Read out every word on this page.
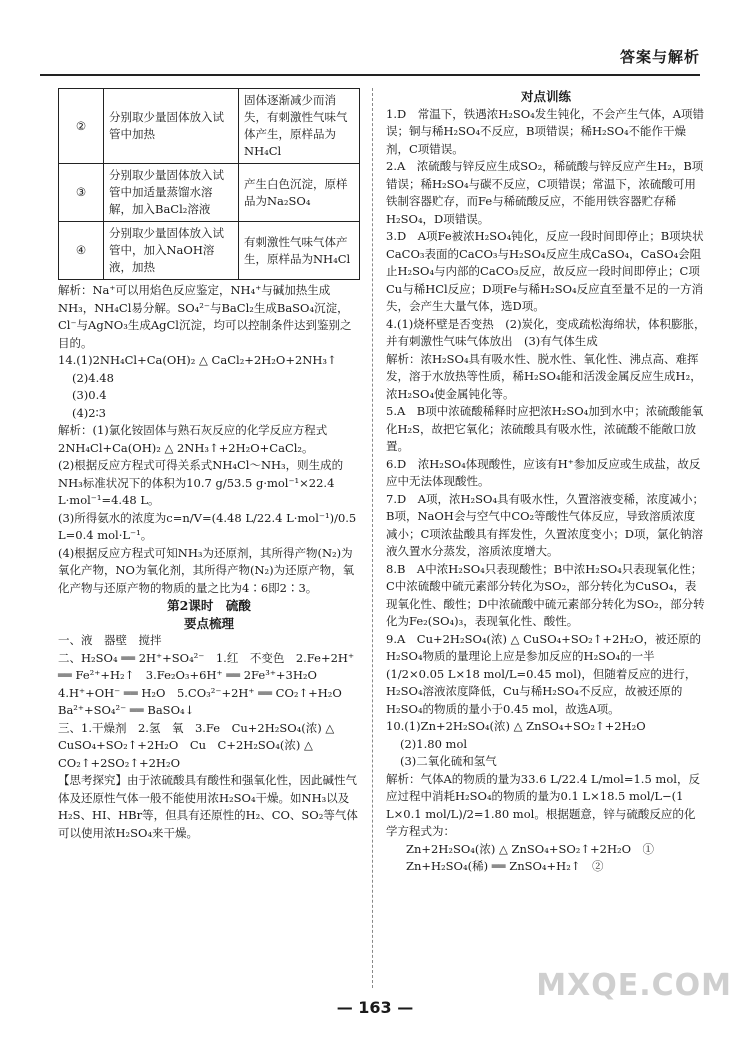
答案与解析
②	分别取少量固体放入试管中加热	固体逐渐减少而消失，有刺激性气味气体产生，原样品为NH₄Cl
③	分别取少量固体放入试管中加适量蒸馏水溶解，加入BaCl₂溶液	产生白色沉淀，原样品为Na₂SO₄
④	分别取少量固体放入试管中，加入NaOH溶液，加热	有刺激性气味气体产生，原样品为NH₄Cl

解析：Na⁺可以用焰色反应鉴定，NH₄⁺与碱加热生成NH₃，NH₄Cl易分解。SO₄²⁻与BaCl₂生成BaSO₄沉淀，Cl⁻与AgNO₃生成AgCl沉淀，均可以控制条件达到鉴别之目的。

14.(1)2NH₄Cl+Ca(OH)₂ △ CaCl₂+2H₂O+2NH₃↑

(2)4.48

(3)0.4

(4)2∶3

解析：(1)氯化铵固体与熟石灰反应的化学反应方程式2NH₄Cl+Ca(OH)₂ △ 2NH₃↑+2H₂O+CaCl₂。

(2)根据反应方程式可得关系式NH₄Cl～NH₃，则生成的NH₃标准状况下的体积为10.7 g/53.5 g·mol⁻¹×22.4 L·mol⁻¹=4.48 L。

(3)所得氨水的浓度为c=n/V=(4.48 L/22.4 L·mol⁻¹)/0.5 L=0.4 mol·L⁻¹。

(4)根据反应方程式可知NH₃为还原剂，其所得产物(N₂)为氧化产物，NO为氧化剂，其所得产物(N₂)为还原产物，氧化产物与还原产物的物质的量之比为4∶6即2∶3。

第2课时　硫酸

要点梳理

一、液　器壁　搅拌

二、H₂SO₄ ══ 2H⁺+SO₄²⁻　1.红　不变色　2.Fe+2H⁺ ══ Fe²⁺+H₂↑　3.Fe₂O₃+6H⁺ ══ 2Fe³⁺+3H₂O　4.H⁺+OH⁻ ══ H₂O　5.CO₃²⁻+2H⁺ ══ CO₂↑+H₂O　Ba²⁺+SO₄²⁻ ══ BaSO₄↓

三、1.干燥剂　2.氢　氧　3.Fe　Cu+2H₂SO₄(浓) △ CuSO₄+SO₂↑+2H₂O　Cu　C+2H₂SO₄(浓) △ CO₂↑+2SO₂↑+2H₂O

【思考探究】由于浓硫酸具有酸性和强氧化性，因此碱性气体及还原性气体一般不能使用浓H₂SO₄干燥。如NH₃以及H₂S、HI、HBr等，但具有还原性的H₂、CO、SO₂等气体可以使用浓H₂SO₄来干燥。

对点训练

1.D　常温下，铁遇浓H₂SO₄发生钝化，不会产生气体，A项错误；铜与稀H₂SO₄不反应，B项错误；稀H₂SO₄不能作干燥剂，C项错误。

2.A　浓硫酸与锌反应生成SO₂，稀硫酸与锌反应产生H₂，B项错误；稀H₂SO₄与碳不反应，C项错误；常温下，浓硫酸可用铁制容器贮存，而Fe与稀硫酸反应，不能用铁容器贮存稀H₂SO₄，D项错误。

3.D　A项Fe被浓H₂SO₄钝化，反应一段时间即停止；B项块状CaCO₃表面的CaCO₃与H₂SO₄反应生成CaSO₄，CaSO₄会阻止H₂SO₄与内部的CaCO₃反应，故反应一段时间即停止；C项Cu与稀HCl反应；D项Fe与稀H₂SO₄反应直至量不足的一方消失，会产生大量气体，选D项。

4.(1)烧杯壁是否变热　(2)炭化，变成疏松海绵状，体积膨胀，并有刺激性气味气体放出　(3)有气体生成

解析：浓H₂SO₄具有吸水性、脱水性、氧化性、沸点高、难挥发，溶于水放热等性质，稀H₂SO₄能和活泼金属反应生成H₂，浓H₂SO₄使金属钝化等。

5.A　B项中浓硫酸稀释时应把浓H₂SO₄加到水中；浓硫酸能氧化H₂S，故把它氧化；浓硫酸具有吸水性，浓硫酸不能敞口放置。

6.D　浓H₂SO₄体现酸性，应该有H⁺参加反应或生成盐，故反应中无法体现酸性。

7.D　A项，浓H₂SO₄具有吸水性，久置溶液变稀，浓度减小；B项，NaOH会与空气中CO₂等酸性气体反应，导致溶质浓度减小；C项浓盐酸具有挥发性，久置浓度变小；D项，氯化钠溶液久置水分蒸发，溶质浓度增大。

8.B　A中浓H₂SO₄只表现酸性；B中浓H₂SO₄只表现氧化性；C中浓硫酸中硫元素部分转化为SO₂，部分转化为CuSO₄，表现氧化性、酸性；D中浓硫酸中硫元素部分转化为SO₂，部分转化为Fe₂(SO₄)₃，表现氧化性、酸性。

9.A　Cu+2H₂SO₄(浓) △ CuSO₄+SO₂↑+2H₂O，被还原的H₂SO₄物质的量理论上应是参加反应的H₂SO₄的一半(1/2×0.05 L×18 mol/L=0.45 mol)，但随着反应的进行，H₂SO₄溶液浓度降低，Cu与稀H₂SO₄不反应，故被还原的H₂SO₄的物质的量小于0.45 mol，故选A项。

10.(1)Zn+2H₂SO₄(浓) △ ZnSO₄+SO₂↑+2H₂O

(2)1.80 mol

(3)二氧化硫和氢气

解析：气体A的物质的量为33.6 L/22.4 L/mol=1.5 mol，反应过程中消耗H₂SO₄的物质的量为0.1 L×18.5 mol/L−(1 L×0.1 mol/L)/2=1.80 mol。根据题意，锌与硫酸反应的化学方程式为：

Zn+2H₂SO₄(浓) △ ZnSO₄+SO₂↑+2H₂O　①

Zn+H₂SO₄(稀) ══ ZnSO₄+H₂↑　②

— 163 —
MXQE.COM
